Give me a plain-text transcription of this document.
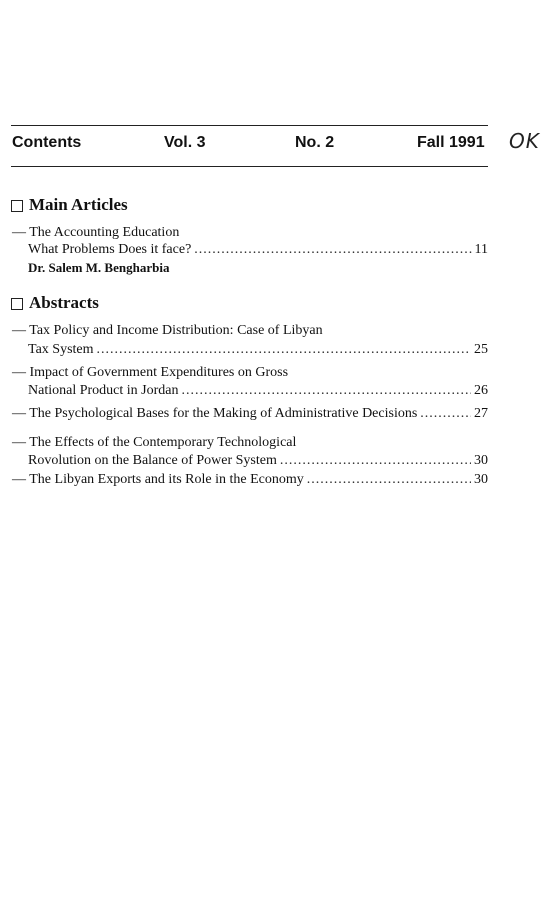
Contents	Vol. 3	No. 2	Fall 1991 OK
Main Articles
— The Accounting Education
What Problems Does it face? .....	11
Dr. Salem M. Bengharbia
Abstracts
— Tax Policy and Income Distribution: Case of Libyan
Tax System .....	25
— Impact of Government Expenditures on Gross
National Product in Jordan .....	26
— The Psychological Bases for the Making of Administrative Decisions .....	27
— The Effects of the Contemporary Technological
Rovolution on the Balance of Power System .....	30
— The Libyan Exports and its Role in the Economy .....	30
